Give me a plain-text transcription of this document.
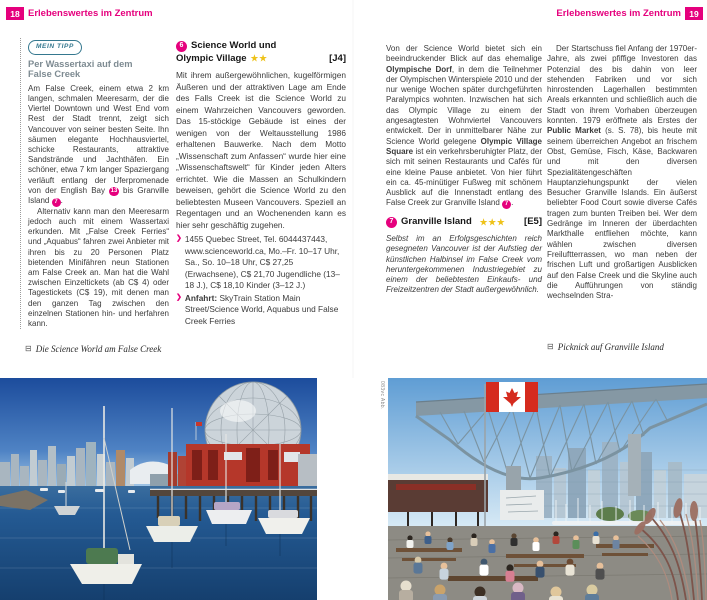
18 Erlebenswertes im Zentrum	Erlebenswertes im Zentrum 19
MEIN TIPP
Per Wassertaxi auf dem
False Creek
Am False Creek, einem etwa 2 km langen, schmalen Meeresarm, der die Viertel Downtown und West End vom Rest der Stadt trennt, zeigt sich Vancouver von seiner besten Seite. Ihn säumen elegante Hochhausviertel, schicke Restaurants, attraktive Sandstrände und Jachthäfen. Ein schöner, etwa 7 km langer Spaziergang verläuft entlang der Uferpromenade von der English Bay 13 bis Granville Island 7 .
Alternativ kann man den Meeresarm jedoch auch mit einem Wassertaxi erkunden. Mit „False Creek Ferries“ und „Aquabus“ fahren zwei Anbieter mit ihren bis zu 20 Personen Platz bietenden Minifähren neun Stationen am False Creek an. Man hat die Wahl zwischen Einzeltickets (ab C$ 4) oder Tagestickets (C$ 19), mit denen man den ganzen Tag zwischen den einzelnen Stationen hin- und herfahren kann.
6 Science World und
Olympic Village ★★	[J4]
Mit ihrem außergewöhnlichen, kugelförmigen Äußeren und der attraktiven Lage am Ende des Falls Creek ist die Science World zu einem Wahrzeichen Vancouvers geworden. Das 15-stöckige Gebäude ist eines der wenigen von der Weltausstellung 1986 erhaltenen Bauwerke. Nach dem Motto „Wissenschaft zum Anfassen“ wurde hier eine „Wissenschaftswelt“ für Kinder jeden Alters errichtet. Wie die Massen an Schulkindern beweisen, gehört die Science World zu den beliebtesten Museen Vancouvers. Speziell an Regentagen und an Wochenenden kann es hier sehr geschäftig zugehen.
❯ 1455 Quebec Street, Tel. 6044437443, www.scienceworld.ca, Mo.–Fr. 10–17 Uhr, Sa., So. 10–18 Uhr, C$ 27,25 (Erwachsene), C$ 21,70 Jugendliche (13–18 J.), C$ 18,10 Kinder (3–12 J.)
❯ Anfahrt: SkyTrain Station Main Street/Science World, Aquabus und False Creek Ferries
Von der Science World bietet sich ein beeindruckender Blick auf das ehemalige Olympische Dorf, in dem die Teilnehmer der Olympischen Winterspiele 2010 und der nur wenige Wochen später durchgeführten Paralympics wohnten. Inzwischen hat sich das Olympic Village zu einem der angesagtesten Wohnviertel Vancouvers entwickelt. Der in unmittelbarer Nähe zur Science World gelegene Olympic Village Square ist ein verkehrsberuhigter Platz, der sich mit seinen Restaurants und Cafés für eine kleine Pause anbietet. Von hier führt ein ca. 45-minütiger Fußweg mit schönem Ausblick auf die Innenstadt entlang des False Creek zur Granville Island 7 .
7 Granville Island ★★★ [E5]
Selbst im an Erfolgsgeschichten reich gesegneten Vancouver ist der Aufstieg der künstlichen Halbinsel im False Creek vom heruntergekommenen Industriegebiet zu einem der beliebtesten Einkaufs- und Freizeitzentren der Stadt außergewöhnlich.
Der Startschuss fiel Anfang der 1970er-Jahre, als zwei pfiffige Investoren das Potenzial des bis dahin von leer stehenden Fabriken und vor sich hinrostenden Lagerhallen bestimmten Areals erkannten und schließlich auch die Stadt von ihrem Vorhaben überzeugen konnten. 1979 eröffnete als Erstes der Public Market (s. S. 78), bis heute mit seinem überreichen Angebot an frischem Obst, Gemüse, Fisch, Käse, Backwaren und mit den diversen Spezialitätengeschäften Hauptanziehungspunkt der vielen Besucher Granville Islands. Ein äußerst beliebter Food Court sowie diverse Cafés tragen zum bunten Treiben bei. Wer dem Gedränge im Inneren der überdachten Markthalle entfliehen möchte, kann wählen zwischen diversen Freiluftterrassen, wo man neben der frischen Luft und großartigen Ausblicken auf den False Creek und die Skyline auch die Aufführungen von ständig wechselnden Stra-
⊟ Die Science World am False Creek	⊟ Picknick auf Granville Island
083vc Abb.
